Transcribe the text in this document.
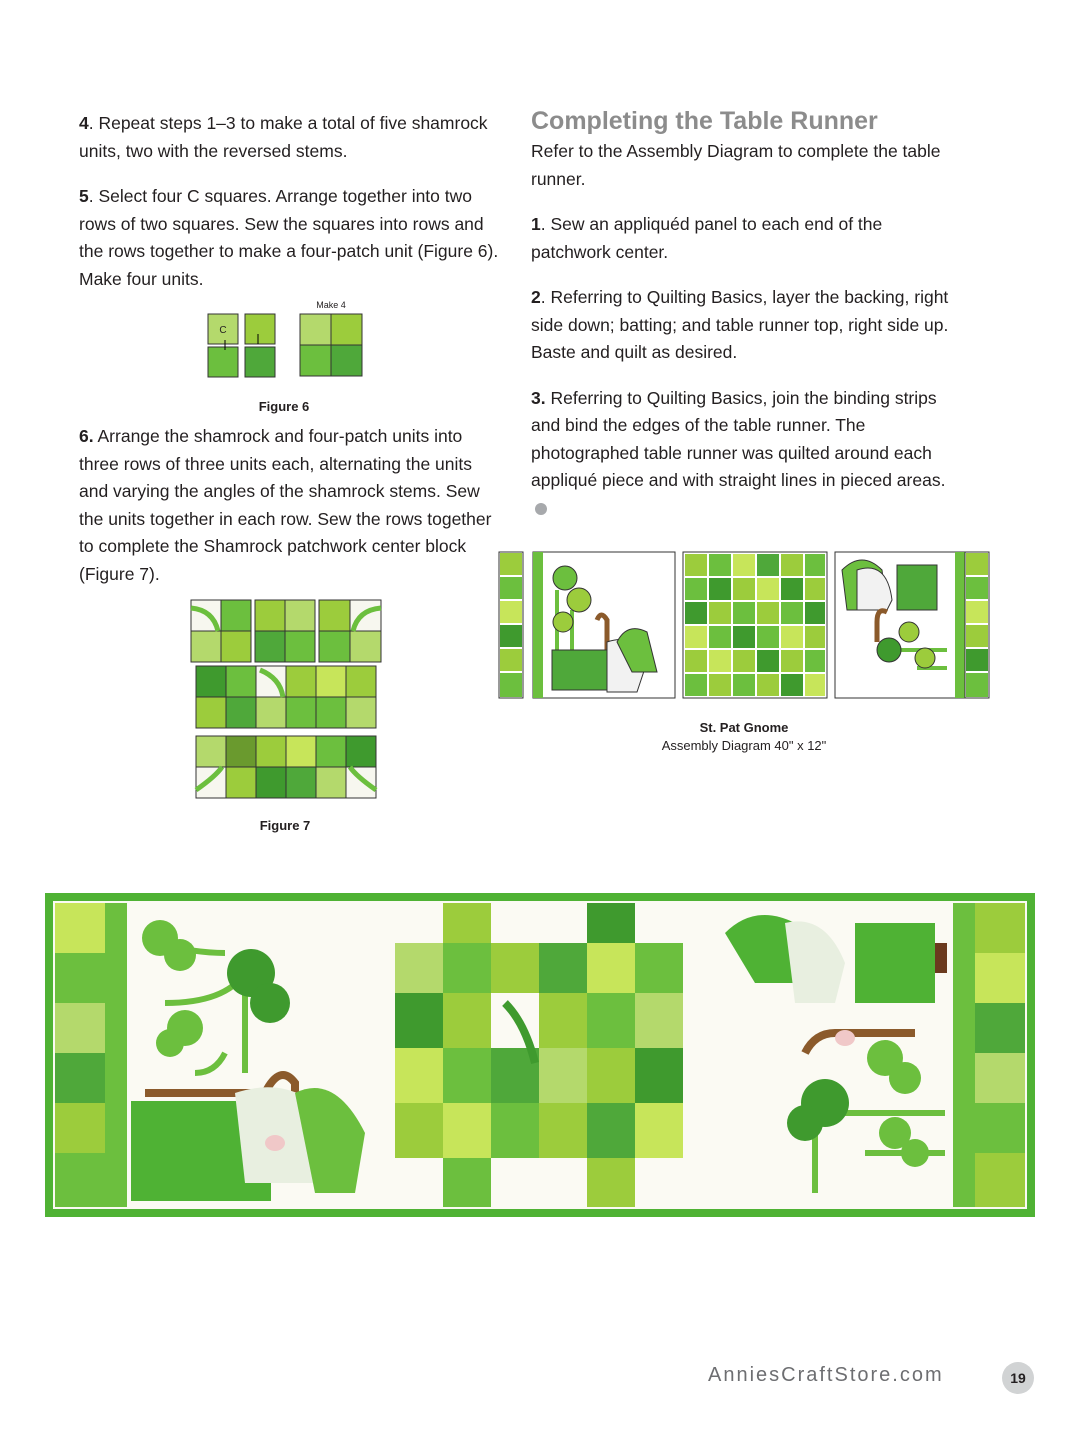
4. Repeat steps 1–3 to make a total of five shamrock units, two with the reversed stems.

5. Select four C squares. Arrange together into two rows of two squares. Sew the squares into rows and the rows together to make a four-patch unit (Figure 6). Make four units.

C
Make 4
Figure 6

6. Arrange the shamrock and four-patch units into three rows of three units each, alternating the units and varying the angles of the shamrock stems. Sew the units together in each row. Sew the rows together to complete the Shamrock patchwork center block (Figure 7).

Figure 7
Completing the Table Runner

Refer to the Assembly Diagram to complete the table runner.

1. Sew an appliquéd panel to each end of the patchwork center.

2. Referring to Quilting Basics, layer the backing, right side down; batting; and table runner top, right side up. Baste and quilt as desired.

3. Referring to Quilting Basics, join the binding strips and bind the edges of the table runner. The photographed table runner was quilted around each appliqué piece and with straight lines in pieced areas.

St. Pat Gnome
Assembly Diagram 40" x 12"
AnniesCraftStore.com	19
